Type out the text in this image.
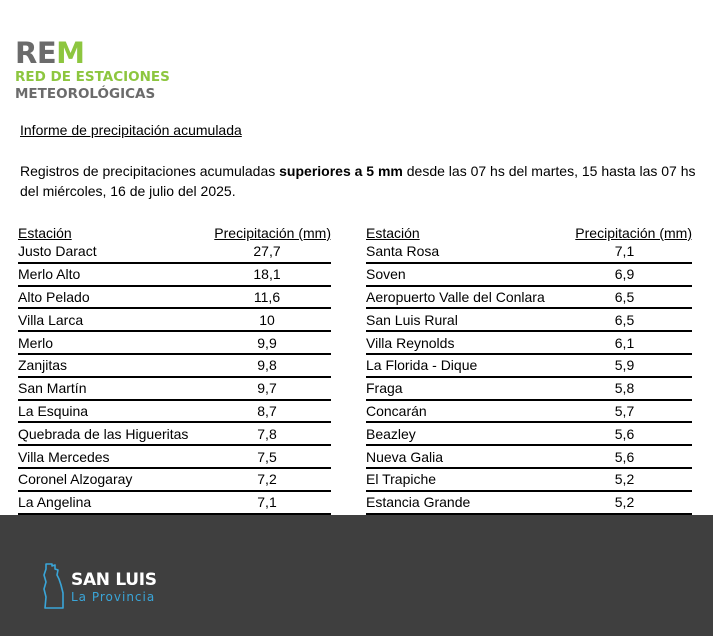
REM
RED DE ESTACIONES
METEOROLÓGICAS
Informe de precipitación acumulada
Registros de precipitaciones acumuladas superiores a 5 mm desde las 07 hs del martes, 15 hasta las 07 hs del miércoles, 16 de julio del 2025.
Estación	Precipitación (mm)
Justo Daract	27,7
Merlo Alto	18,1
Alto Pelado	11,6
Villa Larca	10
Merlo	9,9
Zanjitas	9,8
San Martín	9,7
La Esquina	8,7
Quebrada de las Higueritas	7,8
Villa Mercedes	7,5
Coronel Alzogaray	7,2
La Angelina	7,1
Estación	Precipitación (mm)
Santa Rosa	7,1
Soven	6,9
Aeropuerto Valle del Conlara	6,5
San Luis Rural	6,5
Villa Reynolds	6,1
La Florida - Dique	5,9
Fraga	5,8
Concarán	5,7
Beazley	5,6
Nueva Galia	5,6
El Trapiche	5,2
Estancia Grande	5,2
SAN LUIS
La Provincia
